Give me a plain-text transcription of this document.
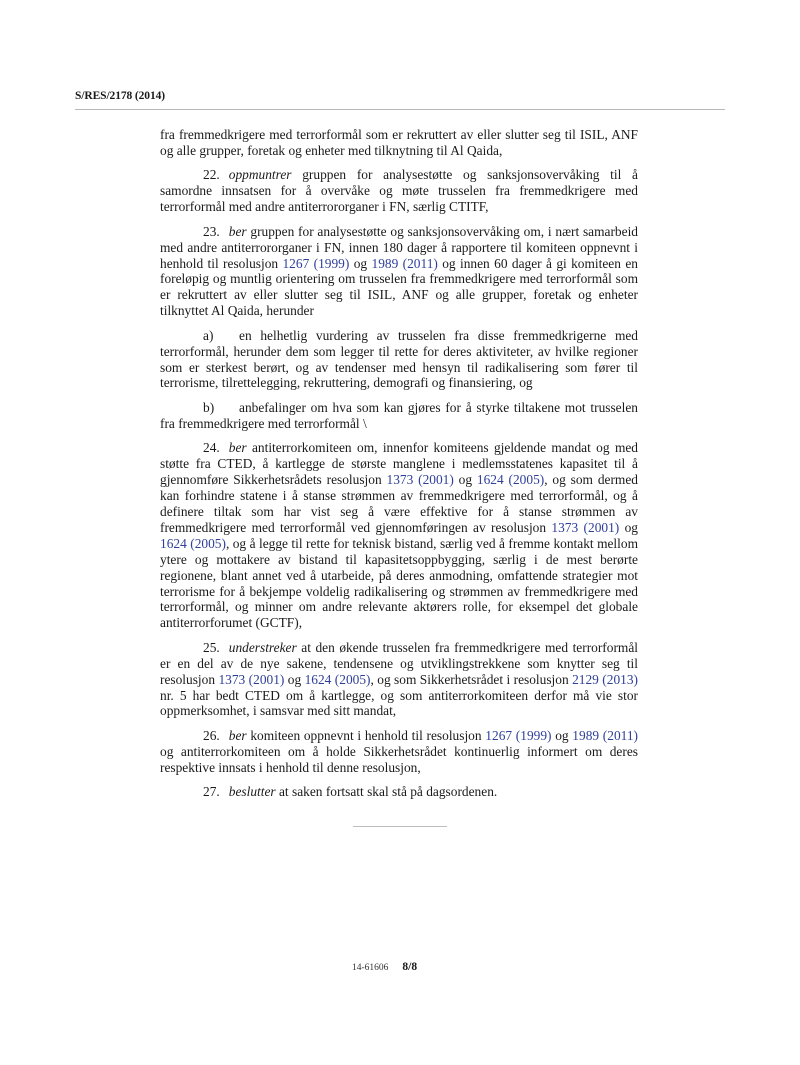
S/RES/2178 (2014)

fra fremmedkrigere med terrorformål som er rekruttert av eller slutter seg til ISIL, ANF og alle grupper, foretak og enheter med tilknytning til Al Qaida,

22. oppmuntrer gruppen for analysestøtte og sanksjonsovervåking til å samordne innsatsen for å overvåke og møte trusselen fra fremmedkrigere med terrorformål med andre antiterrororganer i FN, særlig CTITF,

23. ber gruppen for analysestøtte og sanksjonsovervåking om, i nært samarbeid med andre antiterrororganer i FN, innen 180 dager å rapportere til komiteen oppnevnt i henhold til resolusjon 1267 (1999) og 1989 (2011) og innen 60 dager å gi komiteen en foreløpig og muntlig orientering om trusselen fra fremmedkrigere med terrorformål som er rekruttert av eller slutter seg til ISIL, ANF og alle grupper, foretak og enheter tilknyttet Al Qaida, herunder

a) en helhetlig vurdering av trusselen fra disse fremmedkrigerne med terrorformål, herunder dem som legger til rette for deres aktiviteter, av hvilke regioner som er sterkest berørt, og av tendenser med hensyn til radikalisering som fører til terrorisme, tilrettelegging, rekruttering, demografi og finansiering, og

b) anbefalinger om hva som kan gjøres for å styrke tiltakene mot trusselen fra fremmedkrigere med terrorformål \

24. ber antiterrorkomiteen om, innenfor komiteens gjeldende mandat og med støtte fra CTED, å kartlegge de største manglene i medlemsstatenes kapasitet til å gjennomføre Sikkerhetsrådets resolusjon 1373 (2001) og 1624 (2005), og som dermed kan forhindre statene i å stanse strømmen av fremmedkrigere med terrorformål, og å definere tiltak som har vist seg å være effektive for å stanse strømmen av fremmedkrigere med terrorformål ved gjennomføringen av resolusjon 1373 (2001) og 1624 (2005), og å legge til rette for teknisk bistand, særlig ved å fremme kontakt mellom ytere og mottakere av bistand til kapasitetsoppbygging, særlig i de mest berørte regionene, blant annet ved å utarbeide, på deres anmodning, omfattende strategier mot terrorisme for å bekjempe voldelig radikalisering og strømmen av fremmedkrigere med terrorformål, og minner om andre relevante aktørers rolle, for eksempel det globale antiterrorforumet (GCTF),

25. understreker at den økende trusselen fra fremmedkrigere med terrorformål er en del av de nye sakene, tendensene og utviklingstrekkene som knytter seg til resolusjon 1373 (2001) og 1624 (2005), og som Sikkerhetsrådet i resolusjon 2129 (2013) nr. 5 har bedt CTED om å kartlegge, og som antiterrorkomiteen derfor må vie stor oppmerksomhet, i samsvar med sitt mandat,

26. ber komiteen oppnevnt i henhold til resolusjon 1267 (1999) og 1989 (2011) og antiterrorkomiteen om å holde Sikkerhetsrådet kontinuerlig informert om deres respektive innsats i henhold til denne resolusjon,

27. beslutter at saken fortsatt skal stå på dagsordenen.

14-61606 8/8
